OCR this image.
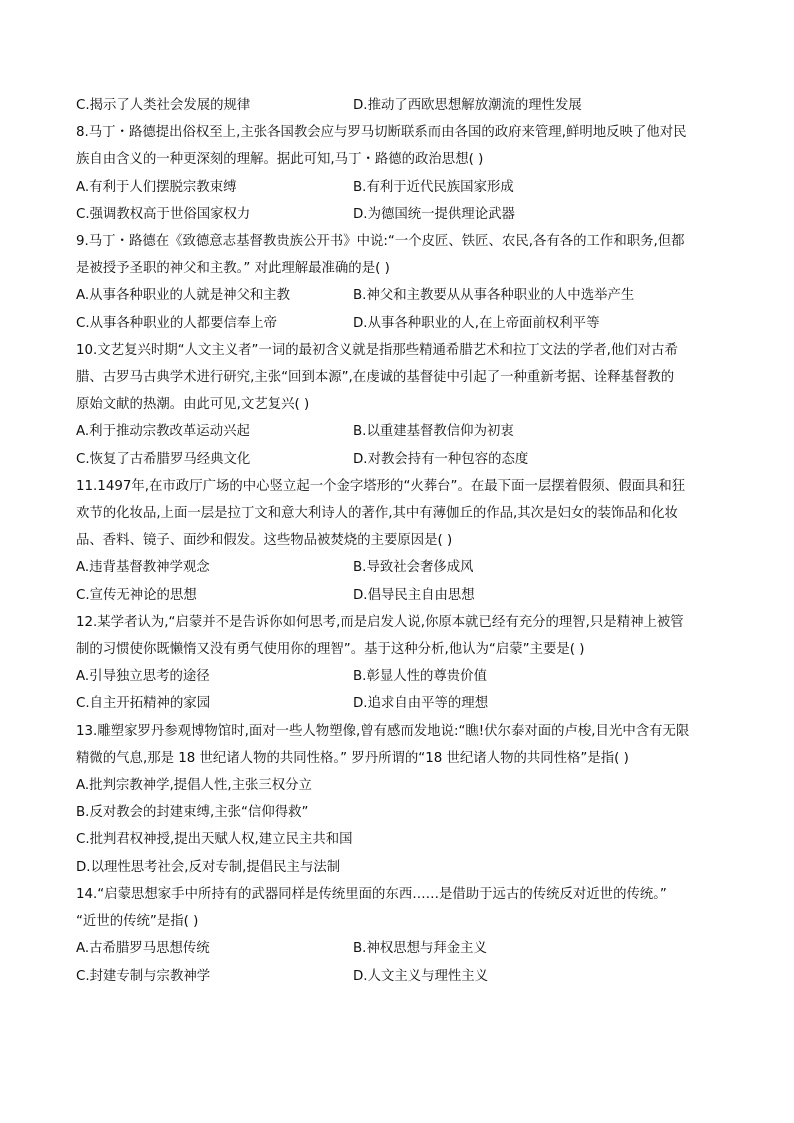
C.揭示了人类社会发展的规律	D.推动了西欧思想解放潮流的理性发展
8.马丁・路德提出俗权至上,主张各国教会应与罗马切断联系而由各国的政府来管理,鲜明地反映了他对民
族自由含义的一种更深刻的理解。据此可知,马丁・路德的政治思想( )
A.有利于人们摆脱宗教束缚	B.有利于近代民族国家形成
C.强调教权高于世俗国家权力	D.为德国统一提供理论武器
9.马丁・路德在《致德意志基督教贵族公开书》中说:“一个皮匠、铁匠、农民,各有各的工作和职务,但都
是被授予圣职的神父和主教。” 对此理解最准确的是( )
A.从事各种职业的人就是神父和主教	B.神父和主教要从从事各种职业的人中选举产生
C.从事各种职业的人都要信奉上帝	D.从事各种职业的人,在上帝面前权利平等
10.文艺复兴时期“人文主义者”一词的最初含义就是指那些精通希腊艺术和拉丁文法的学者,他们对古希
腊、古罗马古典学术进行研究,主张“回到本源”,在虔诚的基督徒中引起了一种重新考据、诠释基督教的
原始文献的热潮。由此可见,文艺复兴( )
A.利于推动宗教改革运动兴起	B.以重建基督教信仰为初衷
C.恢复了古希腊罗马经典文化	D.对教会持有一种包容的态度
11.1497年,在市政厅广场的中心竖立起一个金字塔形的“火葬台”。在最下面一层摆着假须、假面具和狂
欢节的化妆品,上面一层是拉丁文和意大利诗人的著作,其中有薄伽丘的作品,其次是妇女的装饰品和化妆
品、香料、镜子、面纱和假发。这些物品被焚烧的主要原因是( )
A.违背基督教神学观念	B.导致社会奢侈成风
C.宣传无神论的思想	D.倡导民主自由思想
12.某学者认为,“启蒙并不是告诉你如何思考,而是启发人说,你原本就已经有充分的理智,只是精神上被管
制的习惯使你既懒惰又没有勇气使用你的理智”。基于这种分析,他认为“启蒙”主要是( )
A.引导独立思考的途径	B.彰显人性的尊贵价值
C.自主开拓精神的家园	D.追求自由平等的理想
13.雕塑家罗丹参观博物馆时,面对一些人物塑像,曾有感而发地说:“瞧!伏尔泰对面的卢梭,目光中含有无限
精微的气息,那是 18 世纪诸人物的共同性格。” 罗丹所谓的“18 世纪诸人物的共同性格”是指( )
A.批判宗教神学,提倡人性,主张三权分立
B.反对教会的封建束缚,主张“信仰得救”
C.批判君权神授,提出天赋人权,建立民主共和国
D.以理性思考社会,反对专制,提倡民主与法制
14.“启蒙思想家手中所持有的武器同样是传统里面的东西……是借助于远古的传统反对近世的传统。”
“近世的传统”是指( )
A.古希腊罗马思想传统	B.神权思想与拜金主义
C.封建专制与宗教神学	D.人文主义与理性主义
